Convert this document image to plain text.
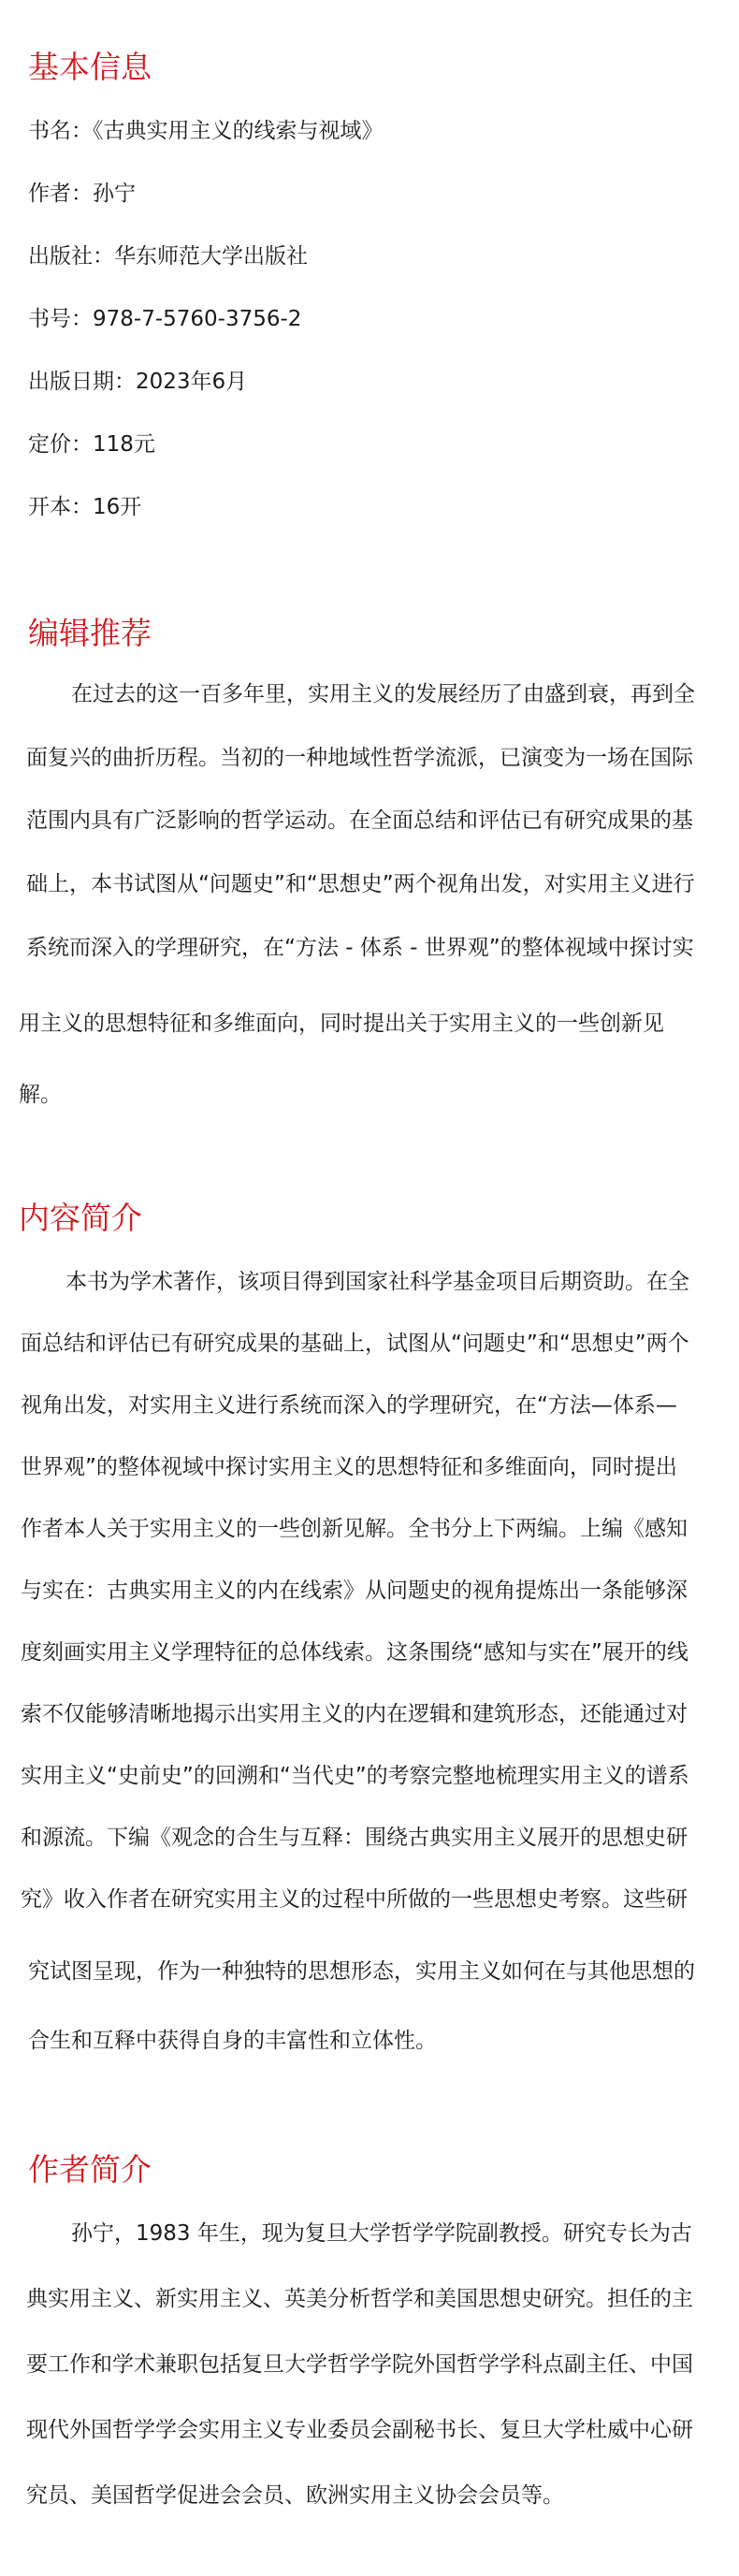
基本信息

书名：《古典实用主义的线索与视域》

作者：孙宁

出版社：华东师范大学出版社

书号：978-7-5760-3756-2

出版日期：2023年6月

定价：118元

开本：16开

编辑推荐

在过去的这一百多年里，实用主义的发展经历了由盛到衰，再到全

面复兴的曲折历程。当初的一种地域性哲学流派，已演变为一场在国际

范围内具有广泛影响的哲学运动。在全面总结和评估已有研究成果的基

础上，本书试图从“问题史”和“思想史”两个视角出发，对实用主义进行

系统而深入的学理研究，在“方法 - 体系 - 世界观”的整体视域中探讨实

用主义的思想特征和多维面向，同时提出关于实用主义的一些创新见

解。

内容简介

本书为学术著作，该项目得到国家社科学基金项目后期资助。在全

面总结和评估已有研究成果的基础上，试图从“问题史”和“思想史”两个

视角出发，对实用主义进行系统而深入的学理研究，在“方法—体系—

世界观”的整体视域中探讨实用主义的思想特征和多维面向，同时提出

作者本人关于实用主义的一些创新见解。全书分上下两编。上编《感知

与实在：古典实用主义的内在线索》从问题史的视角提炼出一条能够深

度刻画实用主义学理特征的总体线索。这条围绕“感知与实在”展开的线

索不仅能够清晰地揭示出实用主义的内在逻辑和建筑形态，还能通过对

实用主义“史前史”的回溯和“当代史”的考察完整地梳理实用主义的谱系

和源流。下编《观念的合生与互释：围绕古典实用主义展开的思想史研

究》收入作者在研究实用主义的过程中所做的一些思想史考察。这些研

究试图呈现，作为一种独特的思想形态，实用主义如何在与其他思想的

合生和互释中获得自身的丰富性和立体性。

作者简介

孙宁，1983 年生，现为复旦大学哲学学院副教授。研究专长为古

典实用主义、新实用主义、英美分析哲学和美国思想史研究。担任的主

要工作和学术兼职包括复旦大学哲学学院外国哲学学科点副主任、中国

现代外国哲学学会实用主义专业委员会副秘书长、复旦大学杜威中心研

究员、美国哲学促进会会员、欧洲实用主义协会会员等。
